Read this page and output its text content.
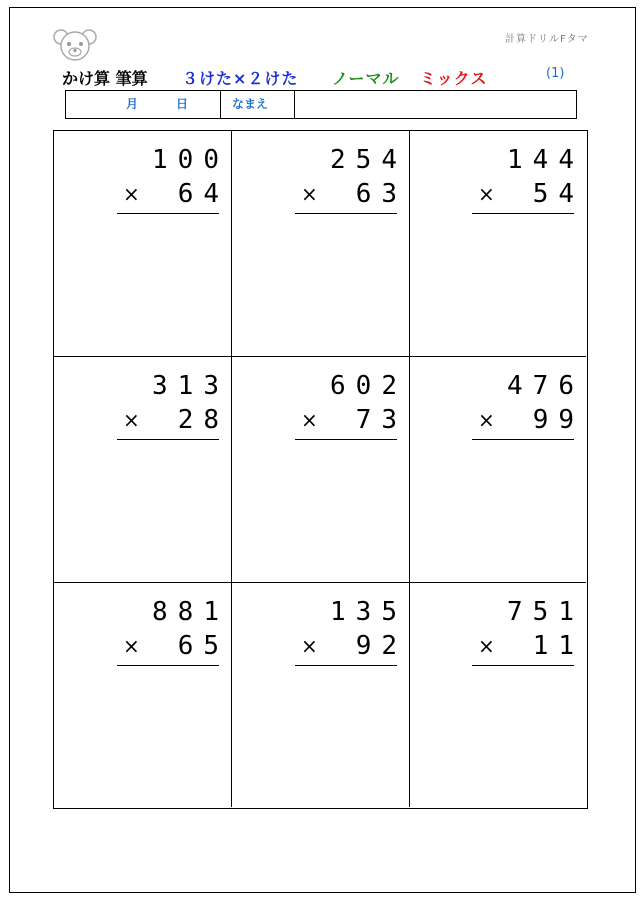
計算ドリルFタマ
かけ算 筆算 ３けた×２けた ノーマル ミックス	(1)
月	日	なまえ
100
×	64
254
×	63
144
×	54
313
×	28
602
×	73
476
×	99
881
×	65
135
×	92
751
×	11
